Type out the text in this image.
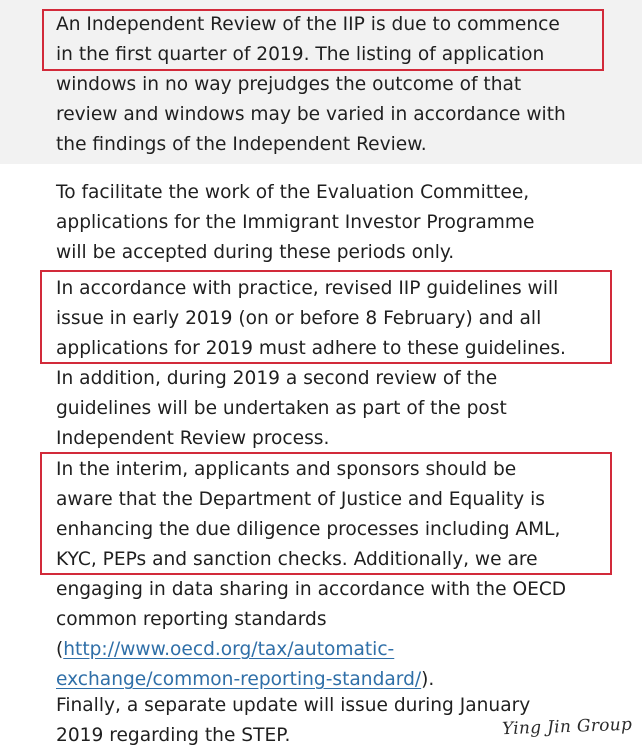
An Independent Review of the IIP is due to commence
in the first quarter of 2019. The listing of application
windows in no way prejudges the outcome of that
review and windows may be varied in accordance with
the findings of the Independent Review.
To facilitate the work of the Evaluation Committee,
applications for the Immigrant Investor Programme
will be accepted during these periods only.
In accordance with practice, revised IIP guidelines will
issue in early 2019 (on or before 8 February) and all
applications for 2019 must adhere to these guidelines.
In addition, during 2019 a second review of the
guidelines will be undertaken as part of the post
Independent Review process.
In the interim, applicants and sponsors should be
aware that the Department of Justice and Equality is
enhancing the due diligence processes including AML,
KYC, PEPs and sanction checks. Additionally, we are
engaging in data sharing in accordance with the OECD
common reporting standards
(http://www.oecd.org/tax/automatic-
exchange/common-reporting-standard/).
Finally, a separate update will issue during January
2019 regarding the STEP.	Ying Jin Group
